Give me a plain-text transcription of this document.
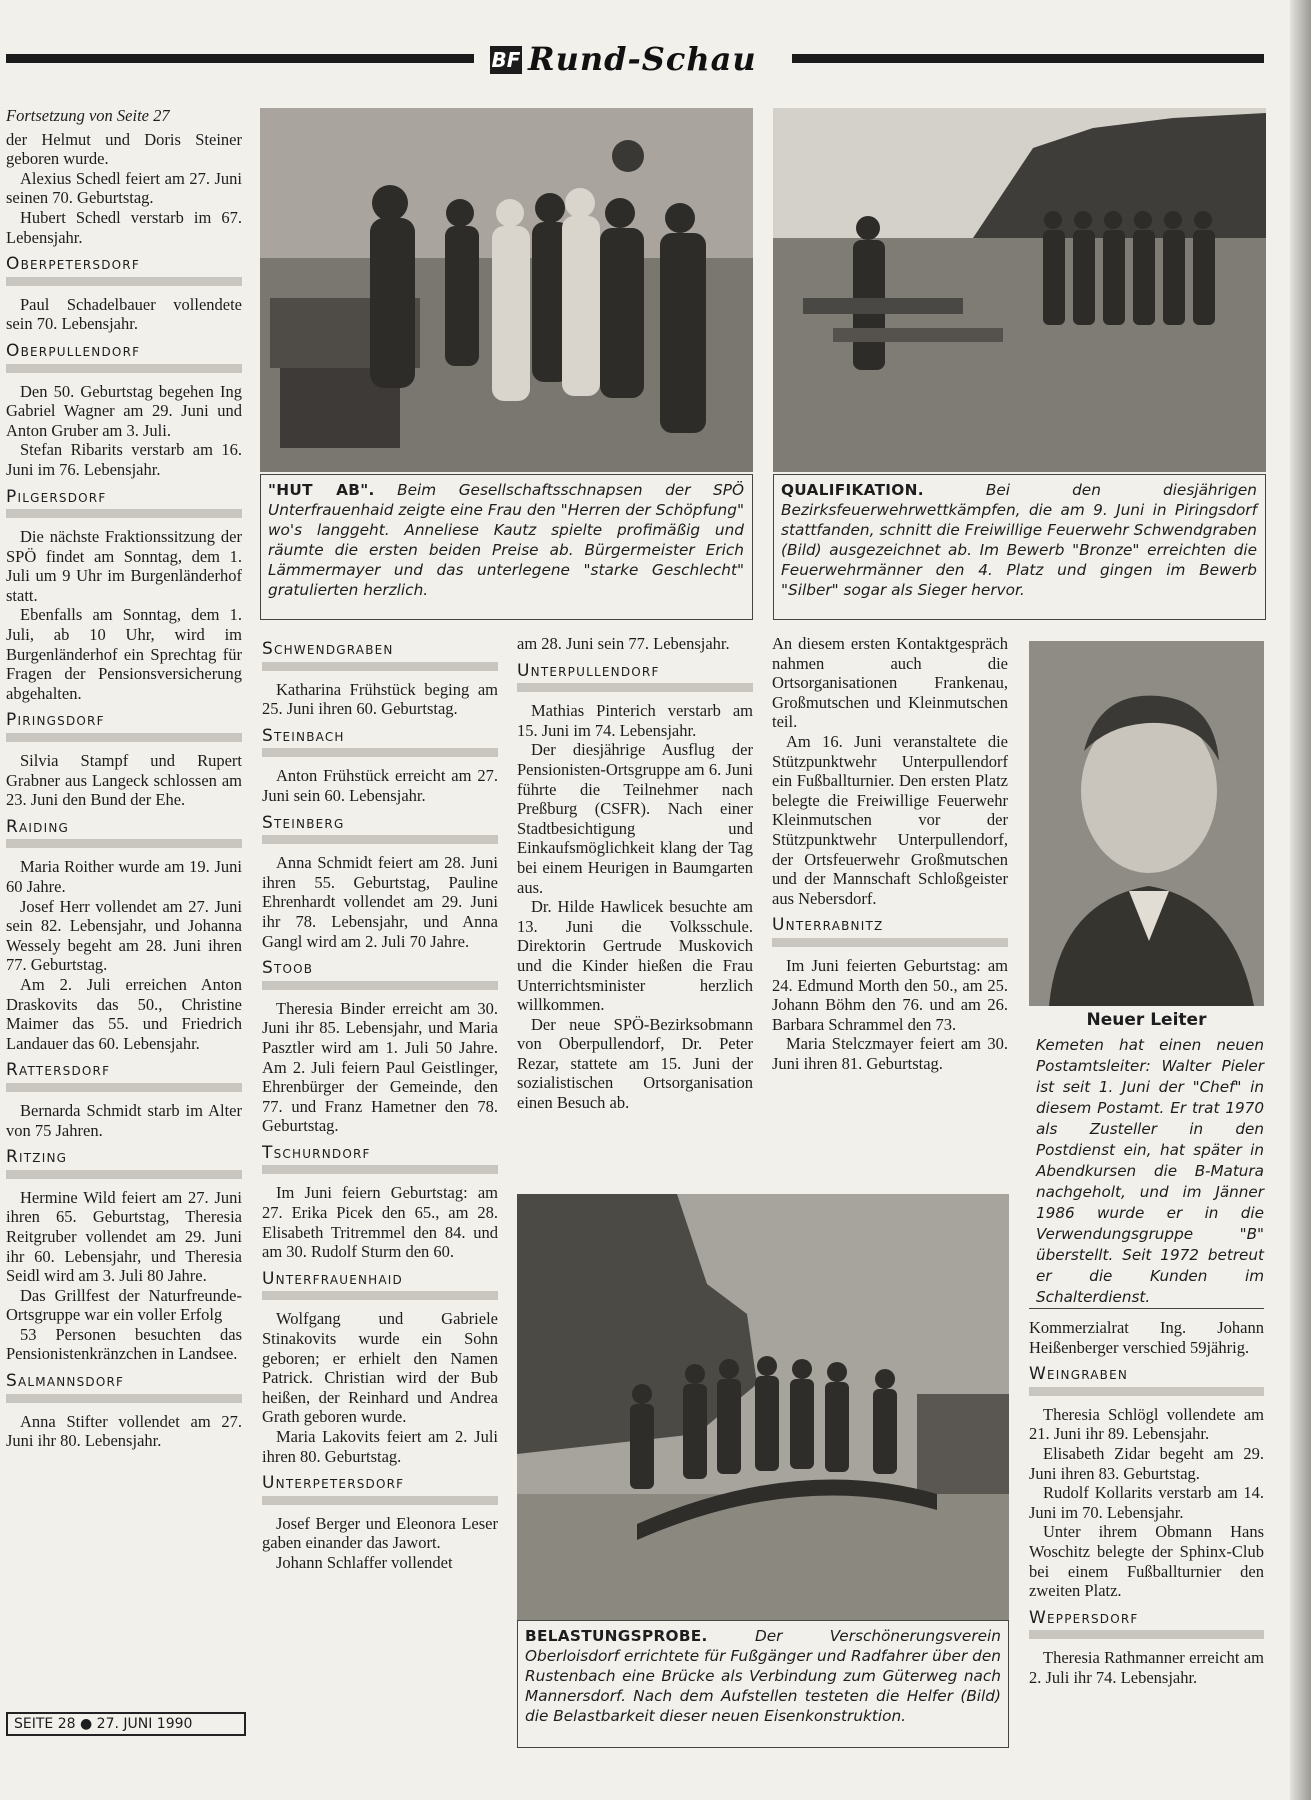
BF Rund-Schau
Fortsetzung von Seite 27

der Helmut und Doris Steiner geboren wurde.

Alexius Schedl feiert am 27. Juni seinen 70. Geburtstag.

Hubert Schedl verstarb im 67. Lebensjahr.

Oberpetersdorf

Paul Schadelbauer vollendete sein 70. Lebensjahr.

Oberpullendorf

Den 50. Geburtstag begehen Ing Gabriel Wagner am 29. Juni und Anton Gruber am 3. Juli.

Stefan Ribarits verstarb am 16. Juni im 76. Lebensjahr.

Pilgersdorf

Die nächste Fraktionssitzung der SPÖ findet am Sonntag, dem 1. Juli um 9 Uhr im Burgenländerhof statt.

Ebenfalls am Sonntag, dem 1. Juli, ab 10 Uhr, wird im Burgenländerhof ein Sprechtag für Fragen der Pensionsversicherung abgehalten.

Piringsdorf

Silvia Stampf und Rupert Grabner aus Langeck schlossen am 23. Juni den Bund der Ehe.

Raiding

Maria Roither wurde am 19. Juni 60 Jahre.

Josef Herr vollendet am 27. Juni sein 82. Lebensjahr, und Johanna Wessely begeht am 28. Juni ihren 77. Geburtstag.

Am 2. Juli erreichen Anton Draskovits das 50., Christine Maimer das 55. und Friedrich Landauer das 60. Lebensjahr.

Rattersdorf

Bernarda Schmidt starb im Alter von 75 Jahren.

Ritzing

Hermine Wild feiert am 27. Juni ihren 65. Geburtstag, Theresia Reitgruber vollendet am 29. Juni ihr 60. Lebensjahr, und Theresia Seidl wird am 3. Juli 80 Jahre.

Das Grillfest der Naturfreunde-Ortsgruppe war ein voller Erfolg

53 Personen besuchten das Pensionistenkränzchen in Landsee.

Salmannsdorf

Anna Stifter vollendet am 27. Juni ihr 80. Lebensjahr.

"HUT AB". Beim Gesellschaftsschnapsen der SPÖ Unterfrauenhaid zeigte eine Frau den "Herren der Schöpfung" wo's langgeht. Anneliese Kautz spielte profimäßig und räumte die ersten beiden Preise ab. Bürgermeister Erich Lämmermayer und das unterlegene "starke Geschlecht" gratulierten herzlich.
QUALIFIKATION.	Bei den diesjährigen Bezirksfeuerwehrwettkämpfen, die am 9. Juni in Piringsdorf stattfanden, schnitt die Freiwillige Feuerwehr Schwendgraben (Bild) ausgezeichnet ab. Im Bewerb "Bronze" erreichten die Feuerwehrmänner den 4. Platz und gingen im Bewerb "Silber" sogar als Sieger hervor.
Schwendgraben

Katharina Frühstück beging am 25. Juni ihren 60. Geburtstag.

Steinbach

Anton Frühstück erreicht am 27. Juni sein 60. Lebensjahr.

Steinberg

Anna Schmidt feiert am 28. Juni ihren 55. Geburtstag, Pauline Ehrenhardt vollendet am 29. Juni ihr 78. Lebensjahr, und Anna Gangl wird am 2. Juli 70 Jahre.

Stoob

Theresia Binder erreicht am 30. Juni ihr 85. Lebensjahr, und Maria Pasztler wird am 1. Juli 50 Jahre. Am 2. Juli feiern Paul Geistlinger, Ehrenbürger der Gemeinde, den 77. und Franz Hametner den 78. Geburtstag.

Tschurndorf

Im Juni feiern Geburtstag: am 27. Erika Picek den 65., am 28. Elisabeth Tritremmel den 84. und am 30. Rudolf Sturm den 60.

Unterfrauenhaid

Wolfgang und Gabriele Stinakovits wurde ein Sohn geboren; er erhielt den Namen Patrick. Christian wird der Bub heißen, der Reinhard und Andrea Grath geboren wurde.

Maria Lakovits feiert am 2. Juli ihren 80. Geburtstag.

Unterpetersdorf

Josef Berger und Eleonora Leser gaben einander das Jawort.

Johann Schlaffer vollendet

am 28. Juni sein 77. Lebensjahr.

Unterpullendorf

Mathias Pinterich verstarb am 15. Juni im 74. Lebensjahr.

Der diesjährige Ausflug der Pensionisten-Ortsgruppe am 6. Juni führte die Teilnehmer nach Preßburg (CSFR). Nach einer Stadtbesichtigung und Einkaufsmöglichkeit klang der Tag bei einem Heurigen in Baumgarten aus.

Dr. Hilde Hawlicek besuchte am 13. Juni die Volksschule. Direktorin Gertrude Muskovich und die Kinder hießen die Frau Unterrichtsminister herzlich willkommen.

Der neue SPÖ-Bezirksobmann von Oberpullendorf, Dr. Peter Rezar, stattete am 15. Juni der sozialistischen Ortsorganisation einen Besuch ab.

An diesem ersten Kontaktgespräch nahmen auch die Ortsorganisationen Frankenau, Großmutschen und Kleinmutschen teil.

Am 16. Juni veranstaltete die Stützpunktwehr Unterpullendorf ein Fußballturnier. Den ersten Platz belegte die Freiwillige Feuerwehr Kleinmutschen vor der Stützpunktwehr Unterpullendorf, der Ortsfeuerwehr Großmutschen und der Mannschaft Schloßgeister aus Nebersdorf.

Unterrabnitz

Im Juni feierten Geburtstag: am 24. Edmund Morth den 50., am 25. Johann Böhm den 76. und am 26. Barbara Schrammel den 73.

Maria Stelczmayer feiert am 30. Juni ihren 81. Geburtstag.

Neuer Leiter
Kemeten hat einen neuen Postamtsleiter: Walter Pieler ist seit 1. Juni der "Chef" in diesem Postamt. Er trat 1970 als Zusteller in den Postdienst ein, hat später in Abendkursen die B-Matura nachgeholt, und im Jänner 1986 wurde er in die Verwendungsgruppe "B" überstellt. Seit 1972 betreut er die Kunden im Schalterdienst.

Kommerzialrat Ing. Johann Heißenberger verschied 59jährig.

Weingraben

Theresia Schlögl vollendete am 21. Juni ihr 89. Lebensjahr.

Elisabeth Zidar begeht am 29. Juni ihren 83. Geburtstag.

Rudolf Kollarits verstarb am 14. Juni im 70. Lebensjahr.

Unter ihrem Obmann Hans Woschitz belegte der Sphinx-Club bei einem Fußballturnier den zweiten Platz.

Weppersdorf

Theresia Rathmanner erreicht am 2. Juli ihr 74. Lebensjahr.

BELASTUNGSPROBE.	Der Verschönerungsverein Oberloisdorf errichtete für Fußgänger und Radfahrer über den Rustenbach eine Brücke als Verbindung zum Güterweg nach Mannersdorf. Nach dem Aufstellen testeten die Helfer (Bild) die Belastbarkeit dieser neuen Eisenkonstruktion.
SEITE 28 ● 27. JUNI 1990
